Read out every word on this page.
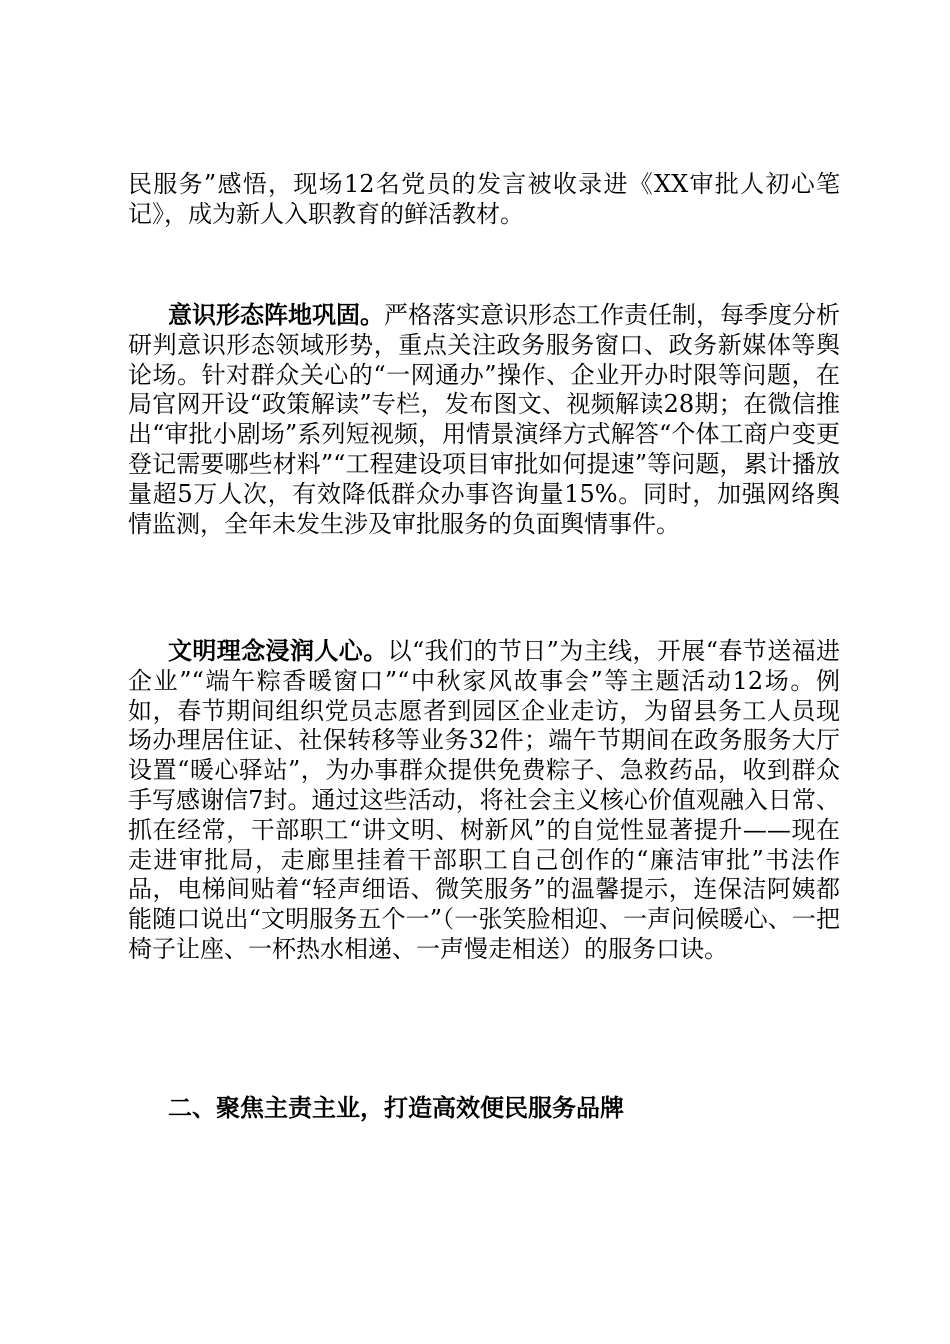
民服务”感悟，现场12名党员的发言被收录进《XX审批人初心笔记》，成为新人入职教育的鲜活教材。

意识形态阵地巩固。严格落实意识形态工作责任制，每季度分析研判意识形态领域形势，重点关注政务服务窗口、政务新媒体等舆论场。针对群众关心的“一网通办”操作、企业开办时限等问题，在局官网开设“政策解读”专栏，发布图文、视频解读28期；在微信推出“审批小剧场”系列短视频，用情景演绎方式解答“个体工商户变更登记需要哪些材料”“工程建设项目审批如何提速”等问题，累计播放量超5万人次，有效降低群众办事咨询量15%。同时，加强网络舆情监测，全年未发生涉及审批服务的负面舆情事件。

文明理念浸润人心。以“我们的节日”为主线，开展“春节送福进企业”“端午粽香暖窗口”“中秋家风故事会”等主题活动12场。例如，春节期间组织党员志愿者到园区企业走访，为留县务工人员现场办理居住证、社保转移等业务32件；端午节期间在政务服务大厅设置“暖心驿站”，为办事群众提供免费粽子、急救药品，收到群众手写感谢信7封。通过这些活动，将社会主义核心价值观融入日常、抓在经常，干部职工“讲文明、树新风”的自觉性显著提升——现在走进审批局，走廊里挂着干部职工自己创作的“廉洁审批”书法作品，电梯间贴着“轻声细语、微笑服务”的温馨提示，连保洁阿姨都能随口说出“文明服务五个一”（一张笑脸相迎、一声问候暖心、一把椅子让座、一杯热水相递、一声慢走相送）的服务口诀。

二、聚焦主责主业，打造高效便民服务品牌
